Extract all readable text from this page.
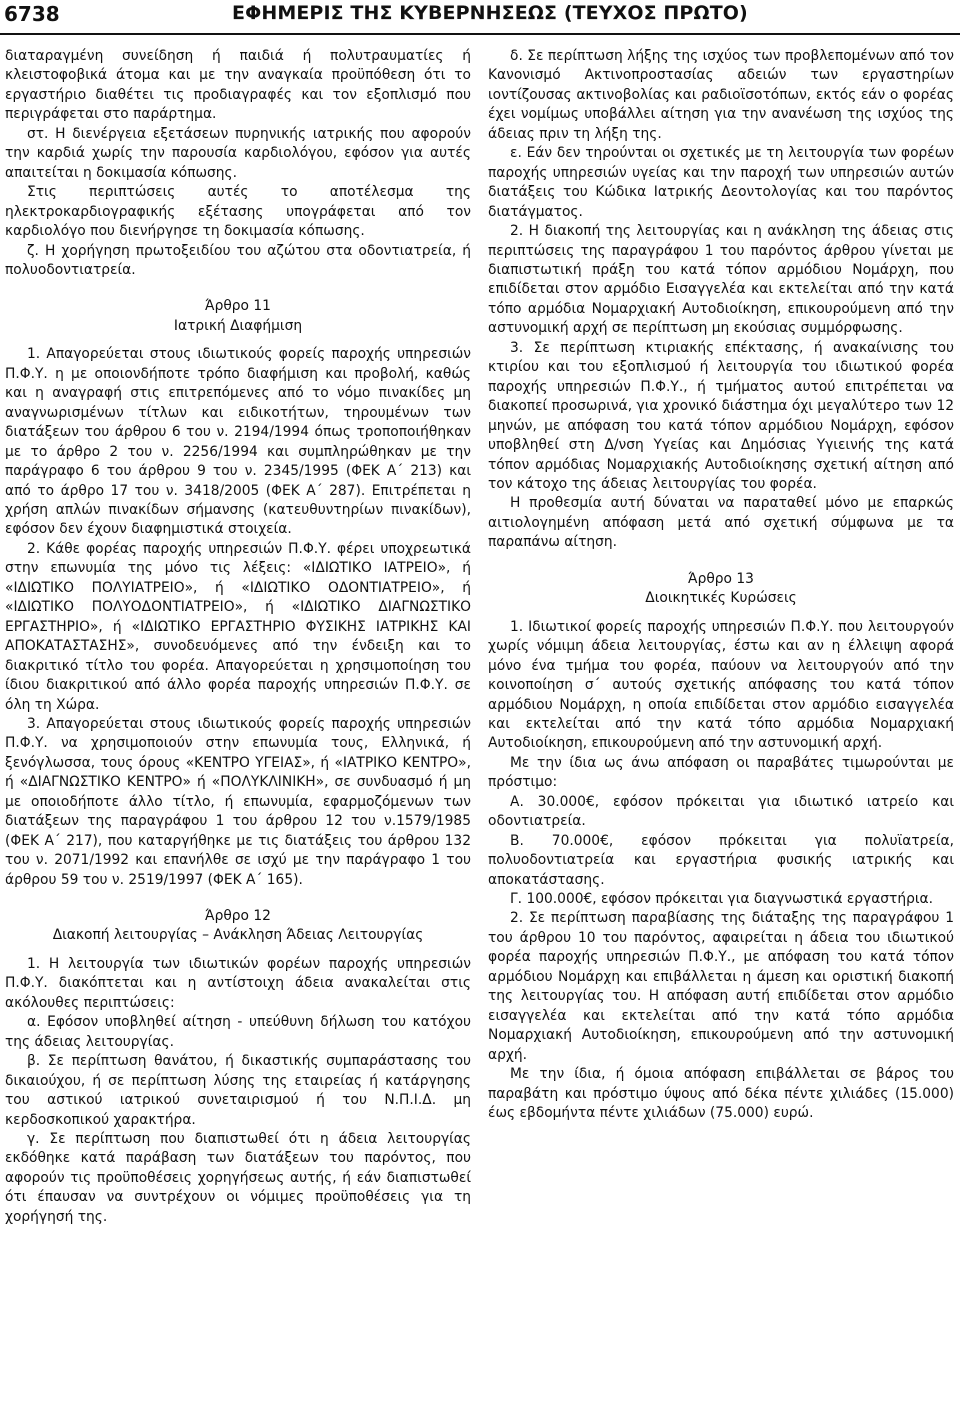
6738	ΕΦΗΜΕΡΙΣ ΤΗΣ ΚΥΒΕΡΝΗΣΕΩΣ (ΤΕΥΧΟΣ ΠΡΩΤΟ)

διαταραγμένη συνείδηση ή παιδιά ή πολυτραυματίες ή κλειστοφοβικά άτομα και με την αναγκαία προϋπόθεση ότι το εργαστήριο διαθέτει τις προδιαγραφές και τον εξοπλισμό που περιγράφεται στο παράρτημα.

στ. Η διενέργεια εξετάσεων πυρηνικής ιατρικής που αφορούν την καρδιά χωρίς την παρουσία καρδιολόγου, εφόσον για αυτές απαιτείται η δοκιμασία κόπωσης.

Στις περιπτώσεις αυτές το αποτέλεσμα της ηλεκτροκαρδιογραφικής εξέτασης υπογράφεται από τον καρδιολόγο που διενήργησε τη δοκιμασία κόπωσης.

ζ. Η χορήγηση πρωτοξειδίου του αζώτου στα οδοντιατρεία, ή πολυοδοντιατρεία.

Άρθρο 11

Ιατρική Διαφήμιση

1. Απαγορεύεται στους ιδιωτικούς φορείς παροχής υπηρεσιών Π.Φ.Υ. η με οποιονδήποτε τρόπο διαφήμιση και προβολή, καθώς και η αναγραφή στις επιτρεπόμενες από το νόμο πινακίδες μη αναγνωρισμένων τίτλων και ειδικοτήτων, τηρουμένων των διατάξεων του άρθρου 6 του ν. 2194/1994 όπως τροποποιήθηκαν με το άρθρο 2 του ν. 2256/1994 και συμπληρώθηκαν με την παράγραφο 6 του άρθρου 9 του ν. 2345/1995 (ΦΕΚ Α΄ 213) και από το άρθρο 17 του ν. 3418/2005 (ΦΕΚ Α΄ 287). Επιτρέπεται η χρήση απλών πινακίδων σήμανσης (κατευθυντηρίων πινακίδων), εφόσον δεν έχουν διαφημιστικά στοιχεία.

2. Κάθε φορέας παροχής υπηρεσιών Π.Φ.Υ. φέρει υποχρεωτικά στην επωνυμία της μόνο τις λέξεις: «ΙΔΙΩΤΙΚΟ ΙΑΤΡΕΙΟ», ή «ΙΔΙΩΤΙΚΟ ΠΟΛΥΙΑΤΡΕΙΟ», ή «ΙΔΙΩΤΙΚΟ ΟΔΟΝΤΙΑΤΡΕΙΟ», ή «ΙΔΙΩΤΙΚΟ ΠΟΛΥΟΔΟΝΤΙΑΤΡΕΙΟ», ή «ΙΔΙΩΤΙΚΟ ΔΙΑΓΝΩΣΤΙΚΟ ΕΡΓΑΣΤΗΡΙΟ», ή «ΙΔΙΩΤΙΚΟ ΕΡΓΑΣΤΗΡΙΟ ΦΥΣΙΚΗΣ ΙΑΤΡΙΚΗΣ ΚΑΙ ΑΠΟΚΑΤΑΣΤΑΣΗΣ», συνοδευόμενες από την ένδειξη και το διακριτικό τίτλο του φορέα. Απαγορεύεται η χρησιμοποίηση του ίδιου διακριτικού από άλλο φορέα παροχής υπηρεσιών Π.Φ.Υ. σε όλη τη Χώρα.

3. Απαγορεύεται στους ιδιωτικούς φορείς παροχής υπηρεσιών Π.Φ.Υ. να χρησιμοποιούν στην επωνυμία τους, Ελληνικά, ή ξενόγλωσσα, τους όρους «ΚΕΝΤΡΟ ΥΓΕΙΑΣ», ή «ΙΑΤΡΙΚΟ ΚΕΝΤΡΟ», ή «ΔΙΑΓΝΩΣΤΙΚΟ ΚΕΝΤΡΟ» ή «ΠΟΛΥΚΛΙΝΙΚΗ», σε συνδυασμό ή μη με οποιοδήποτε άλλο τίτλο, ή επωνυμία, εφαρμοζόμενων των διατάξεων της παραγράφου 1 του άρθρου 12 του ν.1579/1985 (ΦΕΚ Α΄ 217), που καταργήθηκε με τις διατάξεις του άρθρου 132 του ν. 2071/1992 και επανήλθε σε ισχύ με την παράγραφο 1 του άρθρου 59 του ν. 2519/1997 (ΦΕΚ Α΄ 165).

Άρθρο 12

Διακοπή λειτουργίας – Ανάκληση Άδειας Λειτουργίας

1. Η λειτουργία των ιδιωτικών φορέων παροχής υπηρεσιών Π.Φ.Υ. διακόπτεται και η αντίστοιχη άδεια ανακαλείται στις ακόλουθες περιπτώσεις:

α. Εφόσον υποβληθεί αίτηση - υπεύθυνη δήλωση του κατόχου της άδειας λειτουργίας.

β. Σε περίπτωση θανάτου, ή δικαστικής συμπαράστασης του δικαιούχου, ή σε περίπτωση λύσης της εταιρείας ή κατάργησης του αστικού ιατρικού συνεταιρισμού ή του Ν.Π.Ι.Δ. μη κερδοσκοπικού χαρακτήρα.

γ. Σε περίπτωση που διαπιστωθεί ότι η άδεια λειτουργίας εκδόθηκε κατά παράβαση των διατάξεων του παρόντος, που αφορούν τις προϋποθέσεις χορηγήσεως αυτής, ή εάν διαπιστωθεί ότι έπαυσαν να συντρέχουν οι νόμιμες προϋποθέσεις για τη χορήγησή της.

δ. Σε περίπτωση λήξης της ισχύος των προβλεπομένων από τον Κανονισμό Ακτινοπροστασίας αδειών των εργαστηρίων ιοντίζουσας ακτινοβολίας και ραδιοϊσοτόπων, εκτός εάν ο φορέας έχει νομίμως υποβάλλει αίτηση για την ανανέωση της ισχύος της άδειας πριν τη λήξη της.

ε. Εάν δεν τηρούνται οι σχετικές με τη λειτουργία των φορέων παροχής υπηρεσιών υγείας και την παροχή των υπηρεσιών αυτών διατάξεις του Κώδικα Ιατρικής Δεοντολογίας και του παρόντος διατάγματος.

2. Η διακοπή της λειτουργίας και η ανάκληση της άδειας στις περιπτώσεις της παραγράφου 1 του παρόντος άρθρου γίνεται με διαπιστωτική πράξη του κατά τόπον αρμόδιου Νομάρχη, που επιδίδεται στον αρμόδιο Εισαγγελέα και εκτελείται από την κατά τόπο αρμόδια Νομαρχιακή Αυτοδιοίκηση, επικουρούμενη από την αστυνομική αρχή σε περίπτωση μη εκούσιας συμμόρφωσης.

3. Σε περίπτωση κτιριακής επέκτασης, ή ανακαίνισης του κτιρίου και του εξοπλισμού ή λειτουργία του ιδιωτικού φορέα παροχής υπηρεσιών Π.Φ.Υ., ή τμήματος αυτού επιτρέπεται να διακοπεί προσωρινά, για χρονικό διάστημα όχι μεγαλύτερο των 12 μηνών, με απόφαση του κατά τόπον αρμόδιου Νομάρχη, εφόσον υποβληθεί στη Δ/νση Υγείας και Δημόσιας Υγιεινής της κατά τόπον αρμόδιας Νομαρχιακής Αυτοδιοίκησης σχετική αίτηση από τον κάτοχο της άδειας λειτουργίας του φορέα.

Η προθεσμία αυτή δύναται να παραταθεί μόνο με επαρκώς αιτιολογημένη απόφαση μετά από σχετική σύμφωνα με τα παραπάνω αίτηση.

Άρθρο 13

Διοικητικές Κυρώσεις

1. Ιδιωτικοί φορείς παροχής υπηρεσιών Π.Φ.Υ. που λειτουργούν χωρίς νόμιμη άδεια λειτουργίας, έστω και αν η έλλειψη αφορά μόνο ένα τμήμα του φορέα, παύουν να λειτουργούν από την κοινοποίηση σ΄ αυτούς σχετικής απόφασης του κατά τόπον αρμόδιου Νομάρχη, η οποία επιδίδεται στον αρμόδιο εισαγγελέα και εκτελείται από την κατά τόπο αρμόδια Νομαρχιακή Αυτοδιοίκηση, επικουρούμενη από την αστυνομική αρχή.

Με την ίδια ως άνω απόφαση οι παραβάτες τιμωρούνται με πρόστιμο:

Α. 30.000€, εφόσον πρόκειται για ιδιωτικό ιατρείο και οδοντιατρεία.

Β. 70.000€, εφόσον πρόκειται για πολυϊατρεία, πολυοδοντιατρεία και εργαστήρια φυσικής ιατρικής και αποκατάστασης.

Γ. 100.000€, εφόσον πρόκειται για διαγνωστικά εργαστήρια.

2. Σε περίπτωση παραβίασης της διάταξης της παραγράφου 1 του άρθρου 10 του παρόντος, αφαιρείται η άδεια του ιδιωτικού φορέα παροχής υπηρεσιών Π.Φ.Υ., με απόφαση του κατά τόπον αρμόδιου Νομάρχη και επιβάλλεται η άμεση και οριστική διακοπή της λειτουργίας του. Η απόφαση αυτή επιδίδεται στον αρμόδιο εισαγγελέα και εκτελείται από την κατά τόπο αρμόδια Νομαρχιακή Αυτοδιοίκηση, επικουρούμενη από την αστυνομική αρχή.

Με την ίδια, ή όμοια απόφαση επιβάλλεται σε βάρος του παραβάτη και πρόστιμο ύψους από δέκα πέντε χιλιάδες (15.000) έως εβδομήντα πέντε χιλιάδων (75.000) ευρώ.
